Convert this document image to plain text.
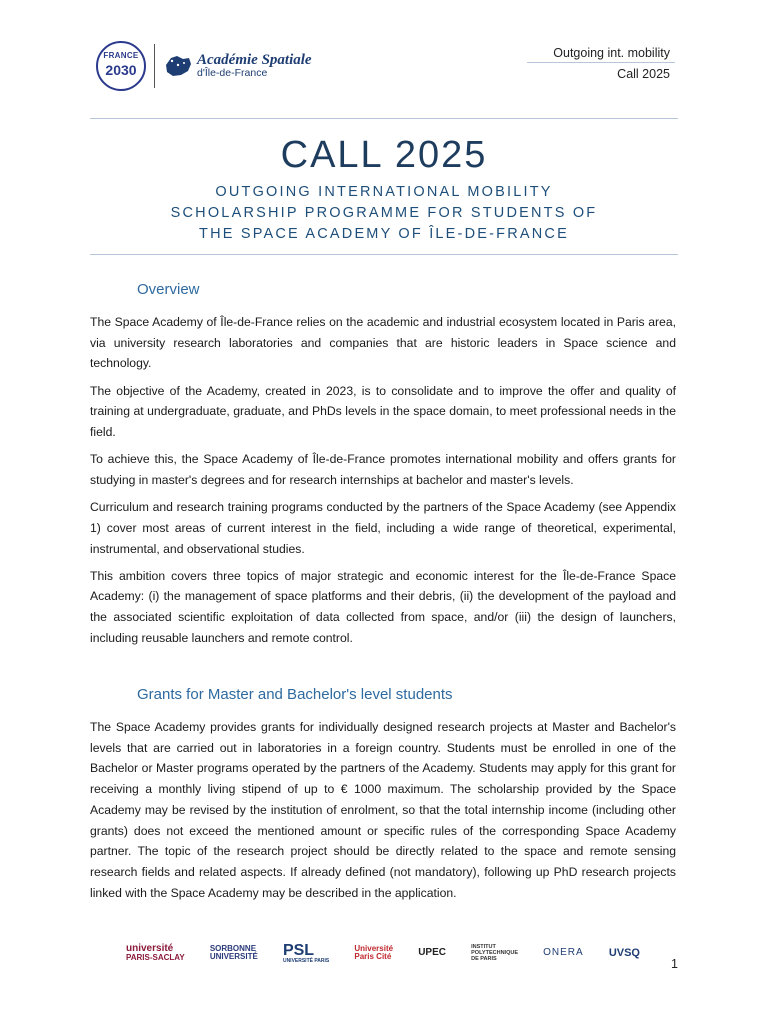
FRANCE
2030
Académie Spatiale
d'Île-de-France
Outgoing int. mobility
Call 2025
CALL 2025
OUTGOING INTERNATIONAL MOBILITY
SCHOLARSHIP PROGRAMME FOR STUDENTS OF
THE SPACE ACADEMY OF ÎLE-DE-FRANCE
Overview

The Space Academy of Île-de-France relies on the academic and industrial ecosystem located in Paris area, via university research laboratories and companies that are historic leaders in Space science and technology.

The objective of the Academy, created in 2023, is to consolidate and to improve the offer and quality of training at undergraduate, graduate, and PhDs levels in the space domain, to meet professional needs in the field.

To achieve this, the Space Academy of Île-de-France promotes international mobility and offers grants for studying in master's degrees and for research internships at bachelor and master's levels.

Curriculum and research training programs conducted by the partners of the Space Academy (see Appendix 1) cover most areas of current interest in the field, including a wide range of theoretical, experimental, instrumental, and observational studies.

This ambition covers three topics of major strategic and economic interest for the Île-de-France Space Academy: (i) the management of space platforms and their debris, (ii) the development of the payload and the associated scientific exploitation of data collected from space, and/or (iii) the design of launchers, including reusable launchers and remote control.

Grants for Master and Bachelor's level students

The Space Academy provides grants for individually designed research projects at Master and Bachelor's levels that are carried out in laboratories in a foreign country. Students must be enrolled in one of the Bachelor or Master programs operated by the partners of the Academy. Students may apply for this grant for receiving a monthly living stipend of up to € 1000 maximum. The scholarship provided by the Space Academy may be revised by the institution of enrolment, so that the total internship income (including other grants) does not exceed the mentioned amount or specific rules of the corresponding Space Academy partner. The topic of the research project should be directly related to the space and remote sensing research fields and related aspects. If already defined (not mandatory), following up PhD research projects linked with the Space Academy may be described in the application.

université
PARIS-SACLAY
SORBONNE
UNIVERSITÉ PSL
UNIVERSITÉ PARIS
Université
Paris Cité	UPEC	INSTITUT
POLYTECHNIQUE
DE PARIS
ONERA UVSQ
1
